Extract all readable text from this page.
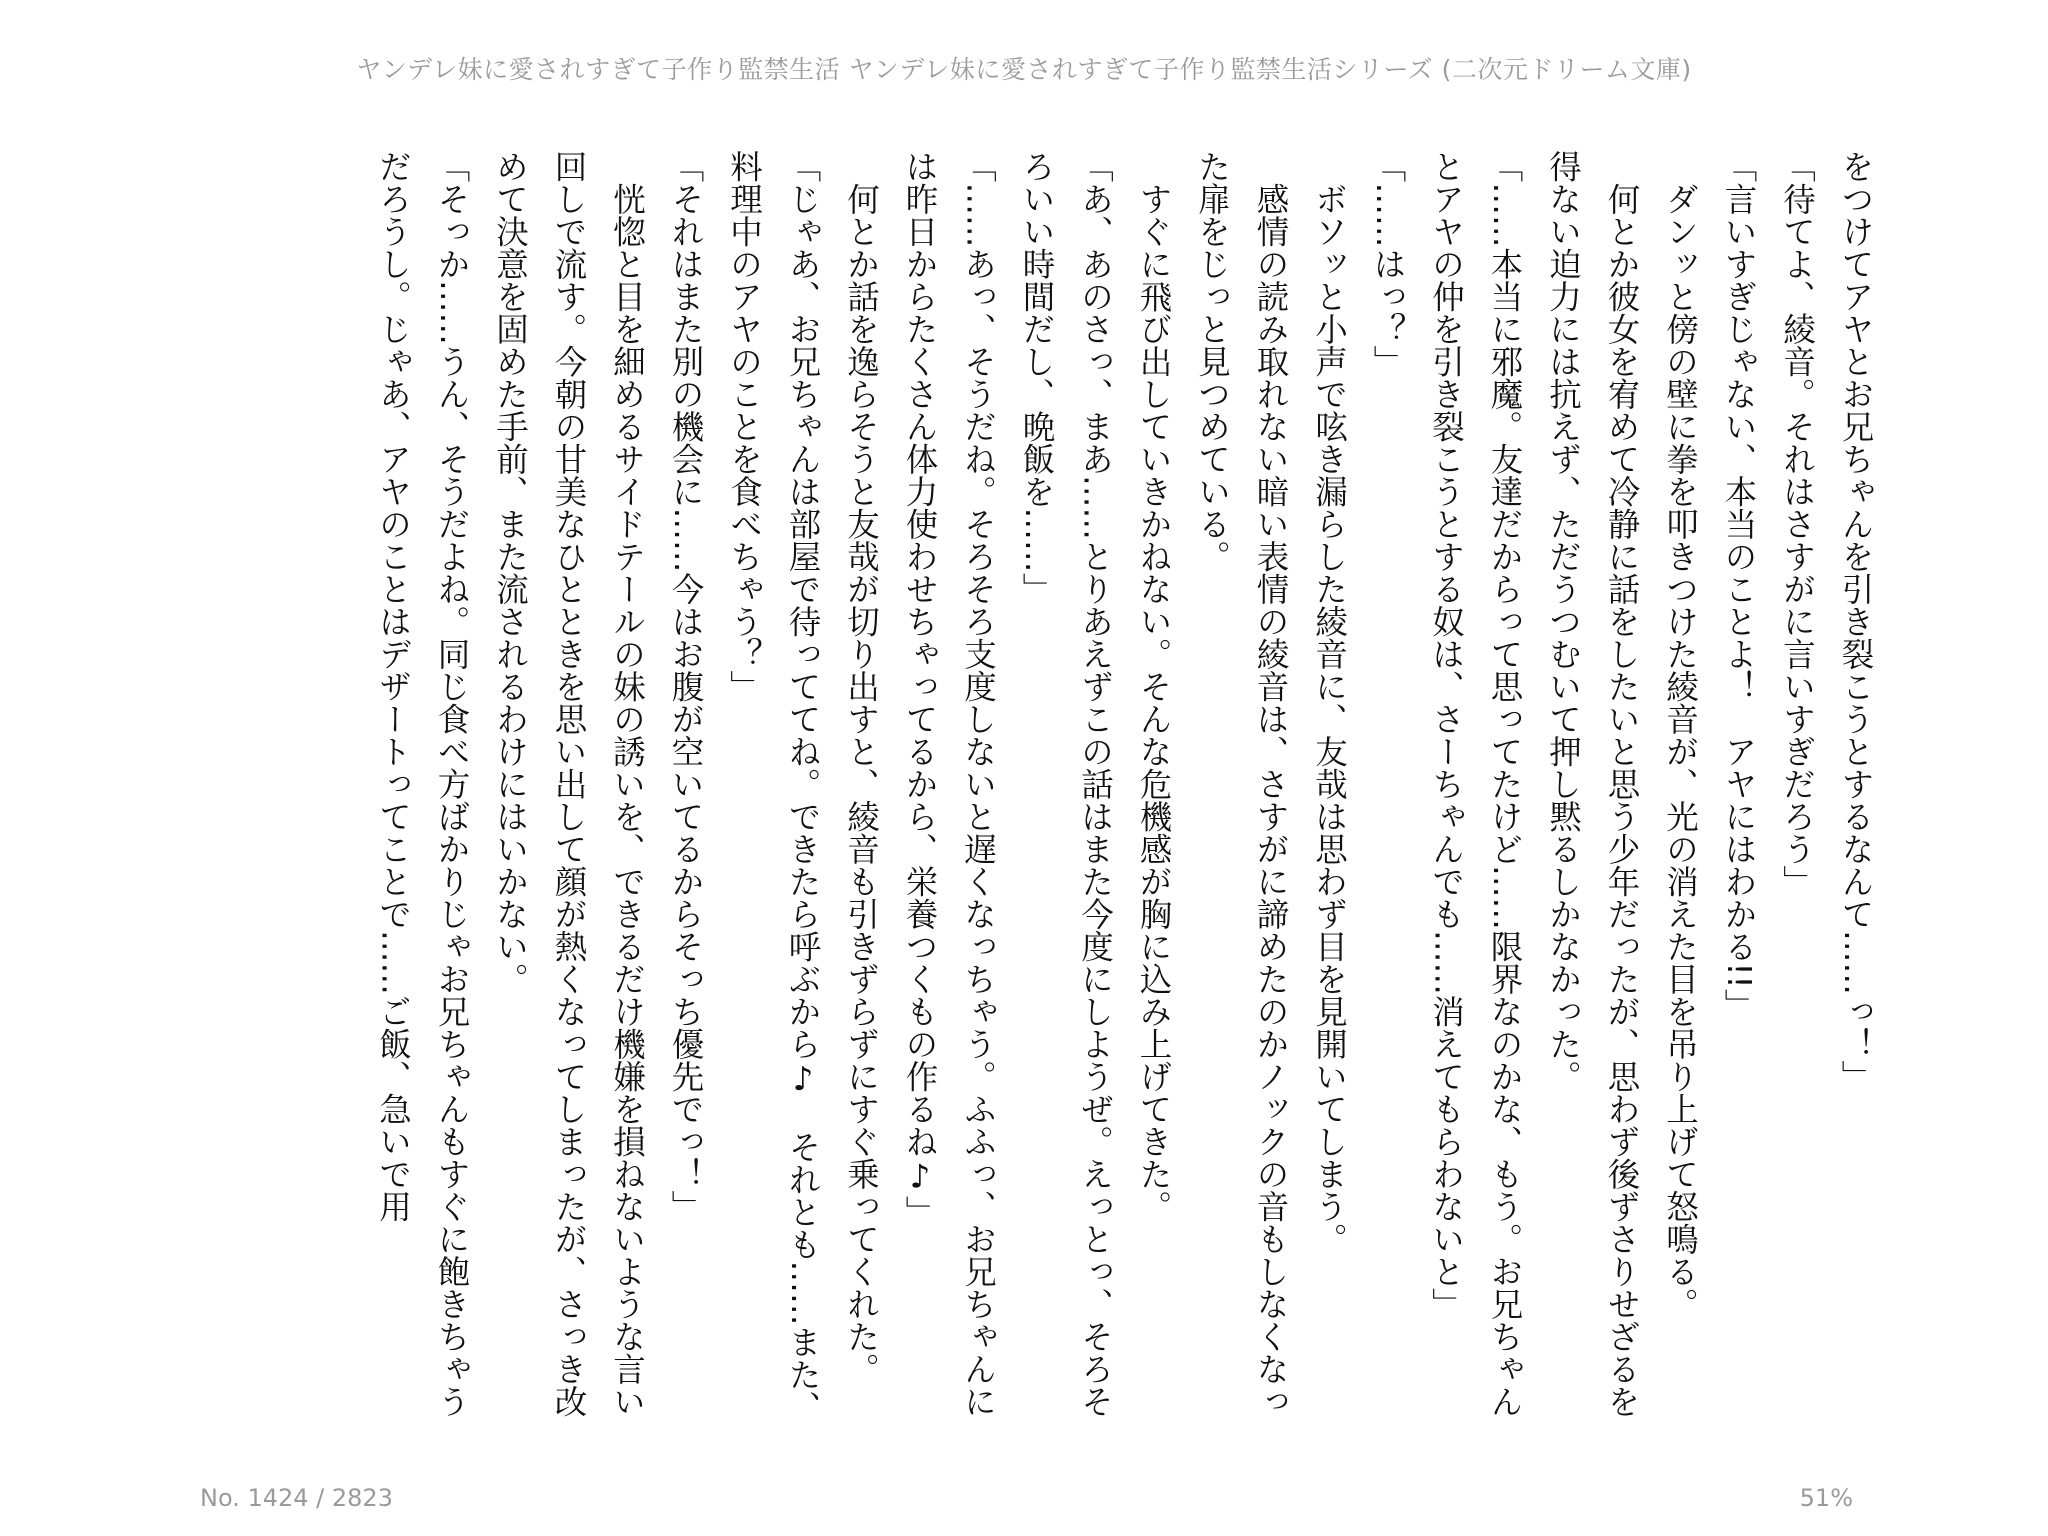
ヤンデレ妹に愛されすぎて子作り監禁生活 ヤンデレ妹に愛されすぎて子作り監禁生活シリーズ (二次元ドリーム文庫)

をつけてアヤとお兄ちゃんを引き裂こうとするなんて……っ！」

「待てよ、綾音。それはさすがに言いすぎだろう」

「言いすぎじゃない、本当のことよ！　アヤにはわかる!!」

　ダンッと傍の壁に拳を叩きつけた綾音が、光の消えた目を吊り上げて怒鳴る。

　何とか彼女を宥めて冷静に話をしたいと思う少年だったが、思わず後ずさりせざるを得ない迫力には抗えず、ただうつむいて押し黙るしかなかった。

「……本当に邪魔。友達だからって思ってたけど……限界なのかな、もう。お兄ちゃんとアヤの仲を引き裂こうとする奴は、さーちゃんでも……消えてもらわないと」

「……はっ？」

　ボソッと小声で呟き漏らした綾音に、友哉は思わず目を見開いてしまう。

　感情の読み取れない暗い表情の綾音は、さすがに諦めたのかノックの音もしなくなった扉をじっと見つめている。

　すぐに飛び出していきかねない。そんな危機感が胸に込み上げてきた。

「あ、あのさっ、まあ……とりあえずこの話はまた今度にしようぜ。えっとっ、そろそろいい時間だし、晩飯を……」

「……あっ、そうだね。そろそろ支度しないと遅くなっちゃう。ふふっ、お兄ちゃんには昨日からたくさん体力使わせちゃってるから、栄養つくもの作るね♪」

　何とか話を逸らそうと友哉が切り出すと、綾音も引きずらずにすぐ乗ってくれた。

「じゃあ、お兄ちゃんは部屋で待っててね。できたら呼ぶから♪　それとも……また、料理中のアヤのことを食べちゃう？」

「それはまた別の機会に……今はお腹が空いてるからそっち優先でっ！」

　恍惚と目を細めるサイドテールの妹の誘いを、できるだけ機嫌を損ねないような言い回しで流す。今朝の甘美なひとときを思い出して顔が熱くなってしまったが、さっき改めて決意を固めた手前、また流されるわけにはいかない。

「そっか……うん、そうだよね。同じ食べ方ばかりじゃお兄ちゃんもすぐに飽きちゃうだろうし。じゃあ、アヤのことはデザートってことで……ご飯、急いで用

No. 1424 / 2823	51%
